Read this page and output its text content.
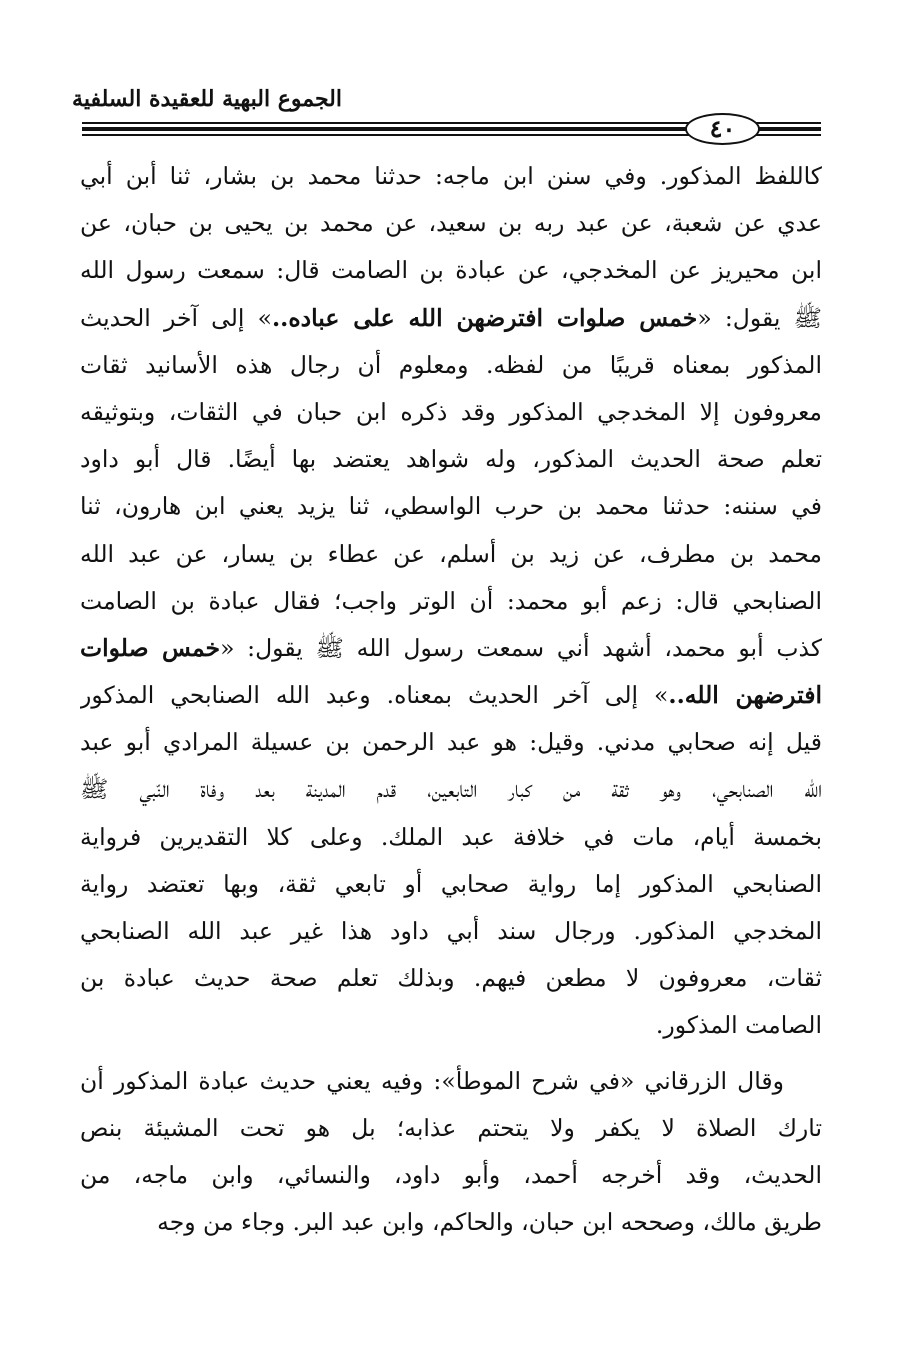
الجموع البهية للعقيدة السلفية
٤٠
كاللفظ المذكور. وفي سنن ابن ماجه: حدثنا محمد بن بشار، ثنا أبن أبي
عدي عن شعبة، عن عبد ربه بن سعيد، عن محمد بن يحيى بن حبان، عن
ابن محيريز عن المخدجي، عن عبادة بن الصامت قال: سمعت رسول الله
ﷺ يقول: «خمس صلوات افترضهن الله على عباده..» إلى آخر الحديث
المذكور بمعناه قريبًا من لفظه. ومعلوم أن رجال هذه الأسانيد ثقات
معروفون إلا المخدجي المذكور وقد ذكره ابن حبان في الثقات، وبتوثيقه
تعلم صحة الحديث المذكور، وله شواهد يعتضد بها أيضًا. قال أبو داود
في سننه: حدثنا محمد بن حرب الواسطي، ثنا يزيد يعني ابن هارون، ثنا
محمد بن مطرف، عن زيد بن أسلم، عن عطاء بن يسار، عن عبد الله
الصنابحي قال: زعم أبو محمد: أن الوتر واجب؛ فقال عبادة بن الصامت
كذب أبو محمد، أشهد أني سمعت رسول الله ﷺ يقول: «خمس صلوات
افترضهن الله..» إلى آخر الحديث بمعناه. وعبد الله الصنابحي المذكور
قيل إنه صحابي مدني. وقيل: هو عبد الرحمن بن عسيلة المرادي أبو عبد
الله الصنابحي، وهو ثقة من كبار التابعين، قدم المدينة بعد وفاة النّبي ﷺ
بخمسة أيام، مات في خلافة عبد الملك. وعلى كلا التقديرين فرواية
الصنابحي المذكور إما رواية صحابي أو تابعي ثقة، وبها تعتضد رواية
المخدجي المذكور. ورجال سند أبي داود هذا غير عبد الله الصنابحي
ثقات، معروفون لا مطعن فيهم. وبذلك تعلم صحة حديث عبادة بن
الصامت المذكور.
وقال الزرقاني «في شرح الموطأ»: وفيه يعني حديث عبادة المذكور أن
تارك الصلاة لا يكفر ولا يتحتم عذابه؛ بل هو تحت المشيئة بنص
الحديث، وقد أخرجه أحمد، وأبو داود، والنسائي، وابن ماجه، من
طريق مالك، وصححه ابن حبان، والحاكم، وابن عبد البر. وجاء من وجه
